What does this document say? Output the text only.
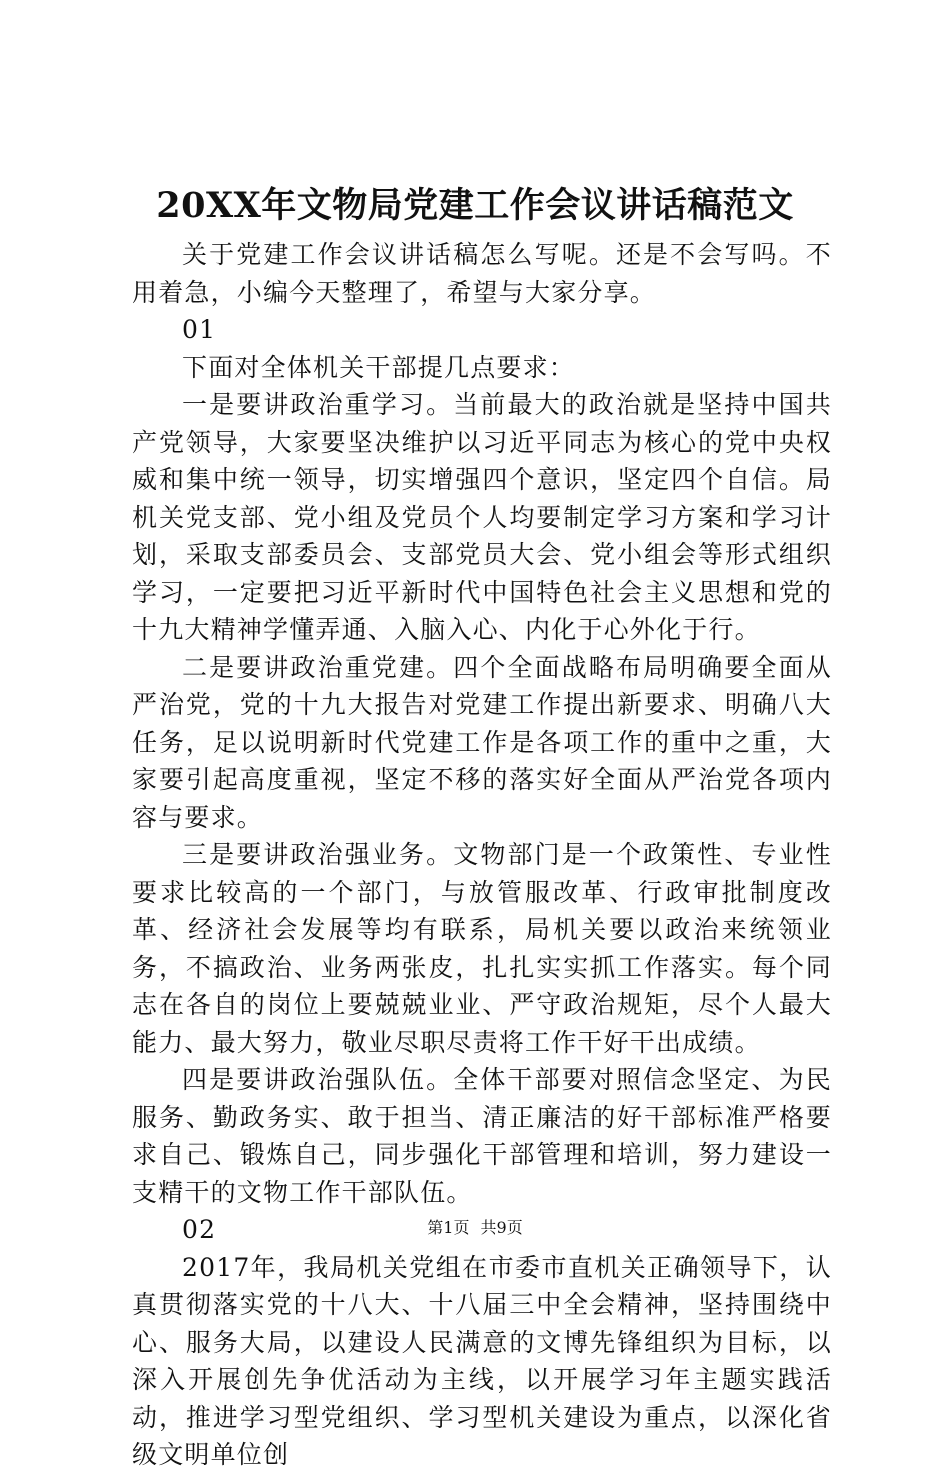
20XX年文物局党建工作会议讲话稿范文

关于党建工作会议讲话稿怎么写呢。还是不会写吗。不用着急，小编今天整理了，希望与大家分享。

01

下面对全体机关干部提几点要求：

一是要讲政治重学习。当前最大的政治就是坚持中国共产党领导，大家要坚决维护以习近平同志为核心的党中央权威和集中统一领导，切实增强四个意识，坚定四个自信。局机关党支部、党小组及党员个人均要制定学习方案和学习计划，采取支部委员会、支部党员大会、党小组会等形式组织学习，一定要把习近平新时代中国特色社会主义思想和党的十九大精神学懂弄通、入脑入心、内化于心外化于行。

二是要讲政治重党建。四个全面战略布局明确要全面从严治党，党的十九大报告对党建工作提出新要求、明确八大任务，足以说明新时代党建工作是各项工作的重中之重，大家要引起高度重视，坚定不移的落实好全面从严治党各项内容与要求。

三是要讲政治强业务。文物部门是一个政策性、专业性要求比较高的一个部门，与放管服改革、行政审批制度改革、经济社会发展等均有联系，局机关要以政治来统领业务，不搞政治、业务两张皮，扎扎实实抓工作落实。每个同志在各自的岗位上要兢兢业业、严守政治规矩，尽个人最大能力、最大努力，敬业尽职尽责将工作干好干出成绩。

四是要讲政治强队伍。全体干部要对照信念坚定、为民服务、勤政务实、敢于担当、清正廉洁的好干部标准严格要求自己、锻炼自己，同步强化干部管理和培训，努力建设一支精干的文物工作干部队伍。

02

2017年，我局机关党组在市委市直机关正确领导下，认真贯彻落实党的十八大、十八届三中全会精神，坚持围绕中心、服务大局，以建设人民满意的文博先锋组织为目标，以深入开展创先争优活动为主线，以开展学习年主题实践活动，推进学习型党组织、学习型机关建设为重点，以深化省级文明单位创

第1页 共9页
